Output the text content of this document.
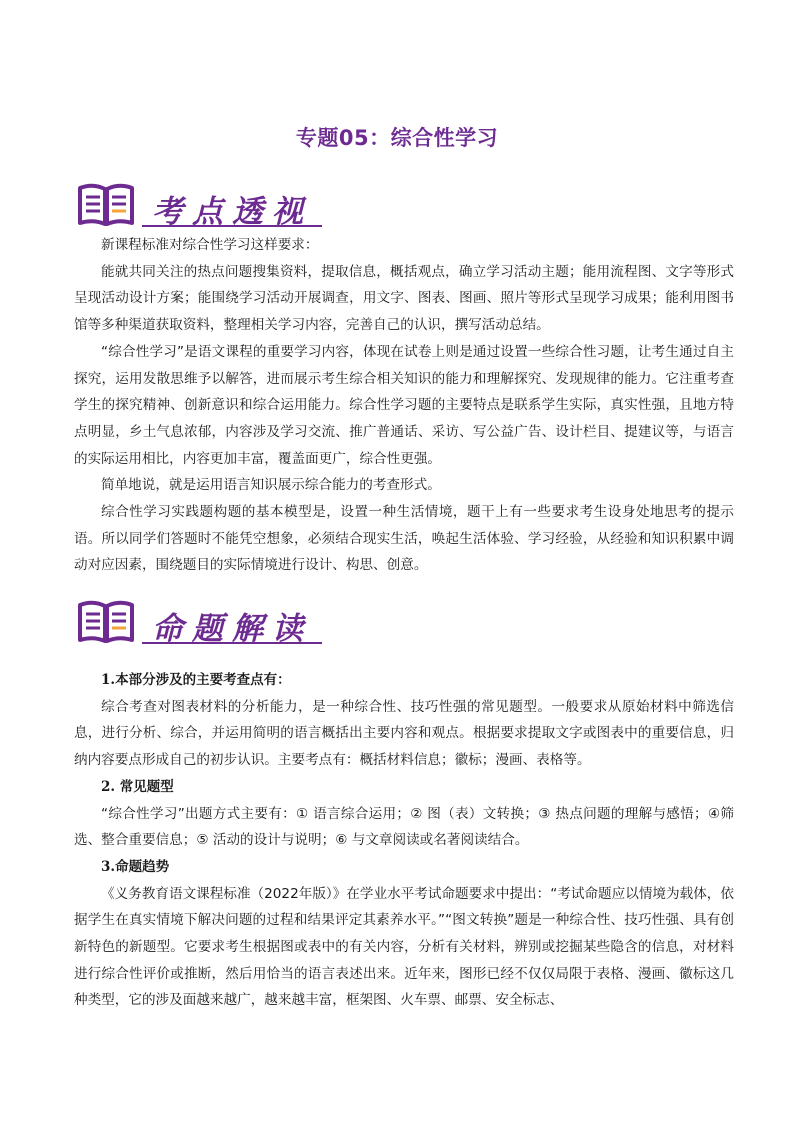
专题05：综合性学习
考点透视

新课程标准对综合性学习这样要求：

能就共同关注的热点问题搜集资料，提取信息，概括观点，确立学习活动主题；能用流程图、文字等形式呈现活动设计方案；能围绕学习活动开展调查，用文字、图表、图画、照片等形式呈现学习成果；能利用图书馆等多种渠道获取资料，整理相关学习内容，完善自己的认识，撰写活动总结。

“综合性学习”是语文课程的重要学习内容，体现在试卷上则是通过设置一些综合性习题，让考生通过自主探究，运用发散思维予以解答，进而展示考生综合相关知识的能力和理解探究、发现规律的能力。它注重考查学生的探究精神、创新意识和综合运用能力。综合性学习题的主要特点是联系学生实际，真实性强，且地方特点明显，乡土气息浓郁，内容涉及学习交流、推广普通话、采访、写公益广告、设计栏目、提建议等，与语言的实际运用相比，内容更加丰富，覆盖面更广，综合性更强。

简单地说，就是运用语言知识展示综合能力的考查形式。

综合性学习实践题构题的基本模型是，设置一种生活情境，题干上有一些要求考生设身处地思考的提示语。所以同学们答题时不能凭空想象，必须结合现实生活，唤起生活体验、学习经验，从经验和知识积累中调动对应因素，围绕题目的实际情境进行设计、构思、创意。

命题解读

1.本部分涉及的主要考查点有：

综合考查对图表材料的分析能力，是一种综合性、技巧性强的常见题型。一般要求从原始材料中筛选信息，进行分析、综合，并运用简明的语言概括出主要内容和观点。根据要求提取文字或图表中的重要信息，归纳内容要点形成自己的初步认识。主要考点有：概括材料信息；徽标；漫画、表格等。

2. 常见题型

“综合性学习”出题方式主要有：① 语言综合运用；② 图（表）文转换；③ 热点问题的理解与感悟；④筛选、整合重要信息；⑤ 活动的设计与说明；⑥ 与文章阅读或名著阅读结合。

3.命题趋势

《义务教育语文课程标准（2022年版）》在学业水平考试命题要求中提出：“考试命题应以情境为载体，依据学生在真实情境下解决问题的过程和结果评定其素养水平。”“图文转换”题是一种综合性、技巧性强、具有创新特色的新题型。它要求考生根据图或表中的有关内容，分析有关材料，辨别或挖掘某些隐含的信息，对材料进行综合性评价或推断，然后用恰当的语言表述出来。近年来，图形已经不仅仅局限于表格、漫画、徽标这几种类型，它的涉及面越来越广，越来越丰富，框架图、火车票、邮票、安全标志、
